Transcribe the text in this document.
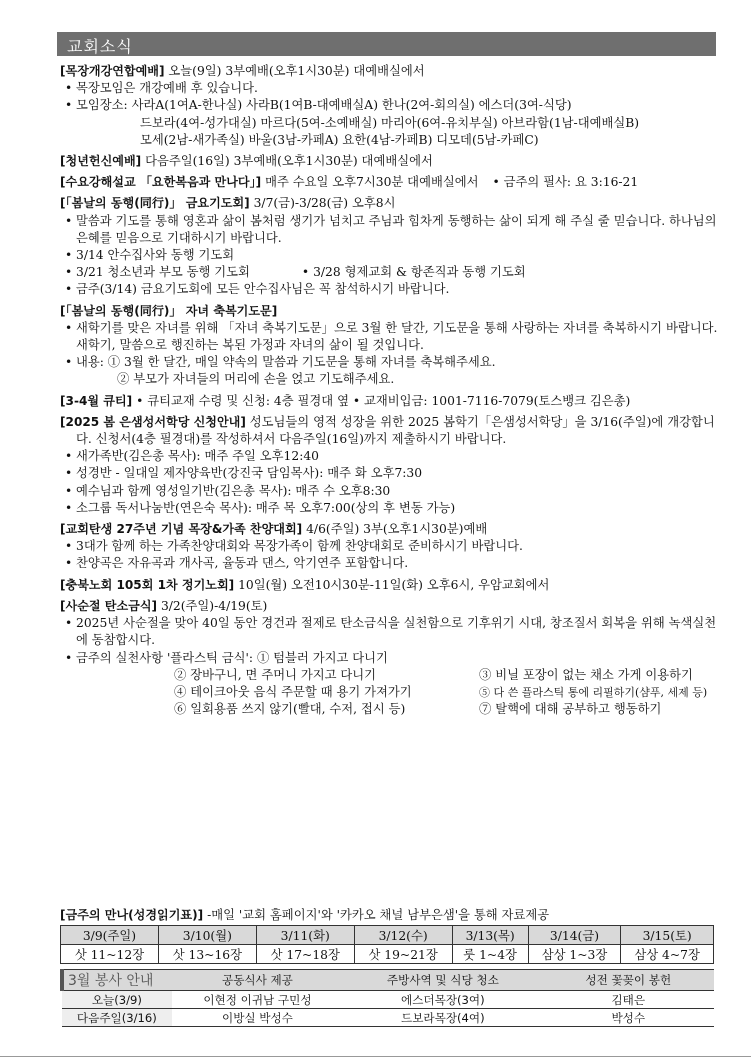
교회소식

[목장개강연합예배] 오늘(9일) 3부예배(오후1시30분) 대예배실에서

• 목장모임은 개강예배 후 있습니다.

• 모임장소: 사라A(1여A-한나실) 사라B(1여B-대예배실A) 한나(2여-회의실) 에스더(3여-식당)

드보라(4여-성가대실) 마르다(5여-소예배실) 마리아(6여-유치부실) 아브라함(1남-대예배실B)

모세(2남-새가족실) 바울(3남-카페A) 요한(4남-카페B) 디모데(5남-카페C)

[청년헌신예배] 다음주일(16일) 3부예배(오후1시30분) 대예배실에서

[수요강해설교 「요한복음과 만나다」] 매주 수요일 오후7시30분 대예배실에서 • 금주의 필사: 요 3:16-21

[「봄날의 동행(同行)」 금요기도회] 3/7(금)-3/28(금) 오후8시

• 말씀과 기도를 통해 영혼과 삶이 봄처럼 생기가 넘치고 주님과 힘차게 동행하는 삶이 되게 해 주실 줄 믿습니다. 하나님의 은혜를 믿음으로 기대하시기 바랍니다.

• 3/14 안수집사와 동행 기도회

• 3/21 청소년과 부모 동행 기도회	• 3/28 형제교회 & 항존직과 동행 기도회

• 금주(3/14) 금요기도회에 모든 안수집사님은 꼭 참석하시기 바랍니다.

[「봄날의 동행(同行)」 자녀 축복기도문]

• 새학기를 맞은 자녀를 위해 「자녀 축복기도문」으로 3월 한 달간, 기도문을 통해 사랑하는 자녀를 축복하시기 바랍니다. 새학기, 말씀으로 행진하는 복된 가정과 자녀의 삶이 될 것입니다.

• 내용: ① 3월 한 달간, 매일 약속의 말씀과 기도문을 통해 자녀를 축복해주세요.

② 부모가 자녀들의 머리에 손을 얹고 기도해주세요.

[3-4월 큐티] • 큐티교재 수령 및 신청: 4층 필경대 옆 • 교재비입금: 1001-7116-7079(토스뱅크 김은총)

[2025 봄 은샘성서학당 신청안내] 성도님들의 영적 성장을 위한 2025 봄학기「은샘성서학당」을 3/16(주일)에 개강합니다. 신청서(4층 필경대)를 작성하셔서 다음주일(16일)까지 제출하시기 바랍니다.

• 새가족반(김은총 목사): 매주 주일 오후12:40

• 성경반 - 일대일 제자양육반(강진국 담임목사): 매주 화 오후7:30

• 예수님과 함께 영성일기반(김은총 목사): 매주 수 오후8:30

• 소그룹 독서나눔반(연은숙 목사): 매주 목 오후7:00(상의 후 변동 가능)

[교회탄생 27주년 기념 목장&가족 찬양대회] 4/6(주일) 3부(오후1시30분)예배

• 3대가 함께 하는 가족찬양대회와 목장가족이 함께 찬양대회로 준비하시기 바랍니다.

• 찬양곡은 자유곡과 개사곡, 율동과 댄스, 악기연주 포함합니다.

[충북노회 105회 1차 정기노회] 10일(월) 오전10시30분-11일(화) 오후6시, 우암교회에서

[사순절 탄소금식] 3/2(주일)-4/19(토)

• 2025년 사순절을 맞아 40일 동안 경건과 절제로 탄소금식을 실천함으로 기후위기 시대, 창조질서 회복을 위해 녹색실천에 동참합시다.

• 금주의 실천사항 '플라스틱 금식': ① 텀블러 가지고 다니기

② 장바구니, 면 주머니 가지고 다니기	③ 비닐 포장이 없는 채소 가게 이용하기
④ 테이크아웃 음식 주문할 때 용기 가져가기	⑤ 다 쓴 플라스틱 통에 리필하기(샴푸, 세제 등)
⑥ 일회용품 쓰지 않기(빨대, 수저, 접시 등)	⑦ 탈핵에 대해 공부하고 행동하기
[금주의 만나(성경읽기표)] -매일 '교회 홈페이지'와 '카카오 채널 남부은샘'을 통해 자료제공
3/9(주일)	3/10(월)	3/11(화)	3/12(수)	3/13(목)	3/14(금)	3/15(토)
삿 11~12장	삿 13~16장	삿 17~18장	삿 19~21장	룻 1~4장	삼상 1~3장	삼상 4~7장
3월 봉사 안내	공동식사 제공	주방사역 및 식당 청소	성전 꽃꽂이 봉헌
오늘(3/9)	이현정 이귀남 구민성	에스더목장(3여)	김태은
다음주일(3/16)	이방실 박성수	드보라목장(4여)	박성수
